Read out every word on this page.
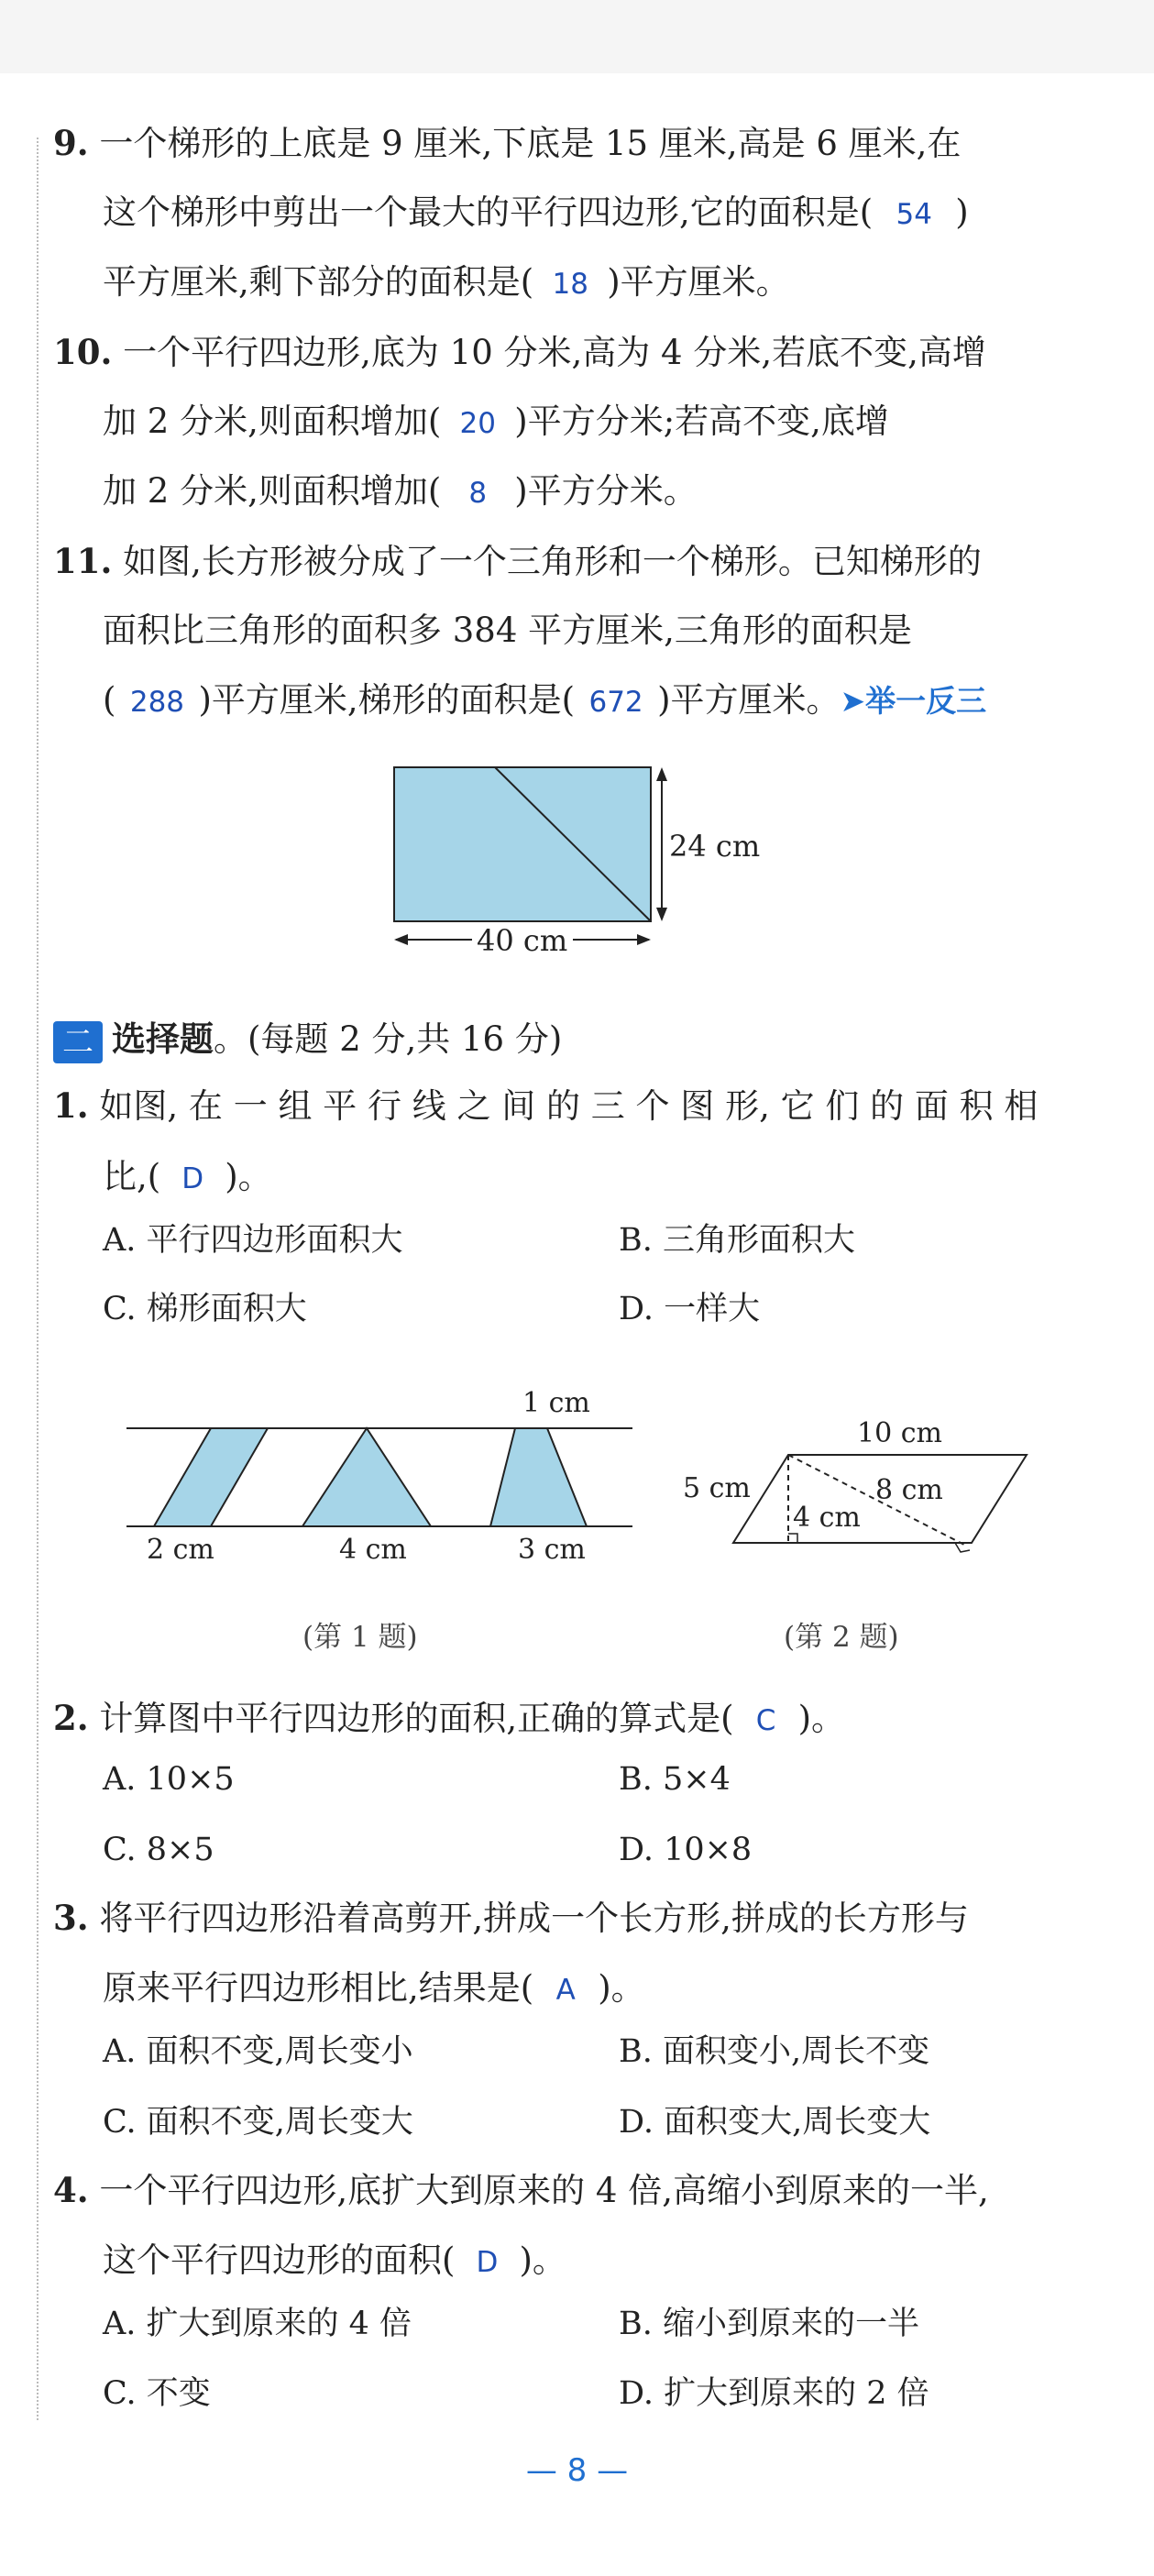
9. 一个梯形的上底是 9 厘米,下底是 15 厘米,高是 6 厘米,在
这个梯形中剪出一个最大的平行四边形,它的面积是( 54 )
平方厘米,剩下部分的面积是( 18 )平方厘米。
10. 一个平行四边形,底为 10 分米,高为 4 分米,若底不变,高增
加 2 分米,则面积增加( 20 )平方分米;若高不变,底增
加 2 分米,则面积增加( 8 )平方分米。
11. 如图,长方形被分成了一个三角形和一个梯形。已知梯形的
面积比三角形的面积多 384 平方厘米,三角形的面积是
( 288 )平方厘米,梯形的面积是( 672 )平方厘米。➤举一反三
24 cm
40 cm
二 选择题。(每题 2 分,共 16 分)
1. 如图, 在 一 组 平 行 线 之 间 的 三 个 图 形, 它 们 的 面 积 相
比,( D )。
A. 平行四边形面积大	B. 三角形面积大
C. 梯形面积大	D. 一样大
1 cm
2 cm	4 cm	3 cm
(第 1 题)
10 cm
5 cm	8 cm
4 cm
(第 2 题)
2. 计算图中平行四边形的面积,正确的算式是( C )。
A. 10×5	B. 5×4
C. 8×5	D. 10×8
3. 将平行四边形沿着高剪开,拼成一个长方形,拼成的长方形与
原来平行四边形相比,结果是( A )。
A. 面积不变,周长变小	B. 面积变小,周长不变
C. 面积不变,周长变大	D. 面积变大,周长变大
4. 一个平行四边形,底扩大到原来的 4 倍,高缩小到原来的一半,
这个平行四边形的面积( D )。
A. 扩大到原来的 4 倍	B. 缩小到原来的一半
C. 不变	D. 扩大到原来的 2 倍
— 8 —
